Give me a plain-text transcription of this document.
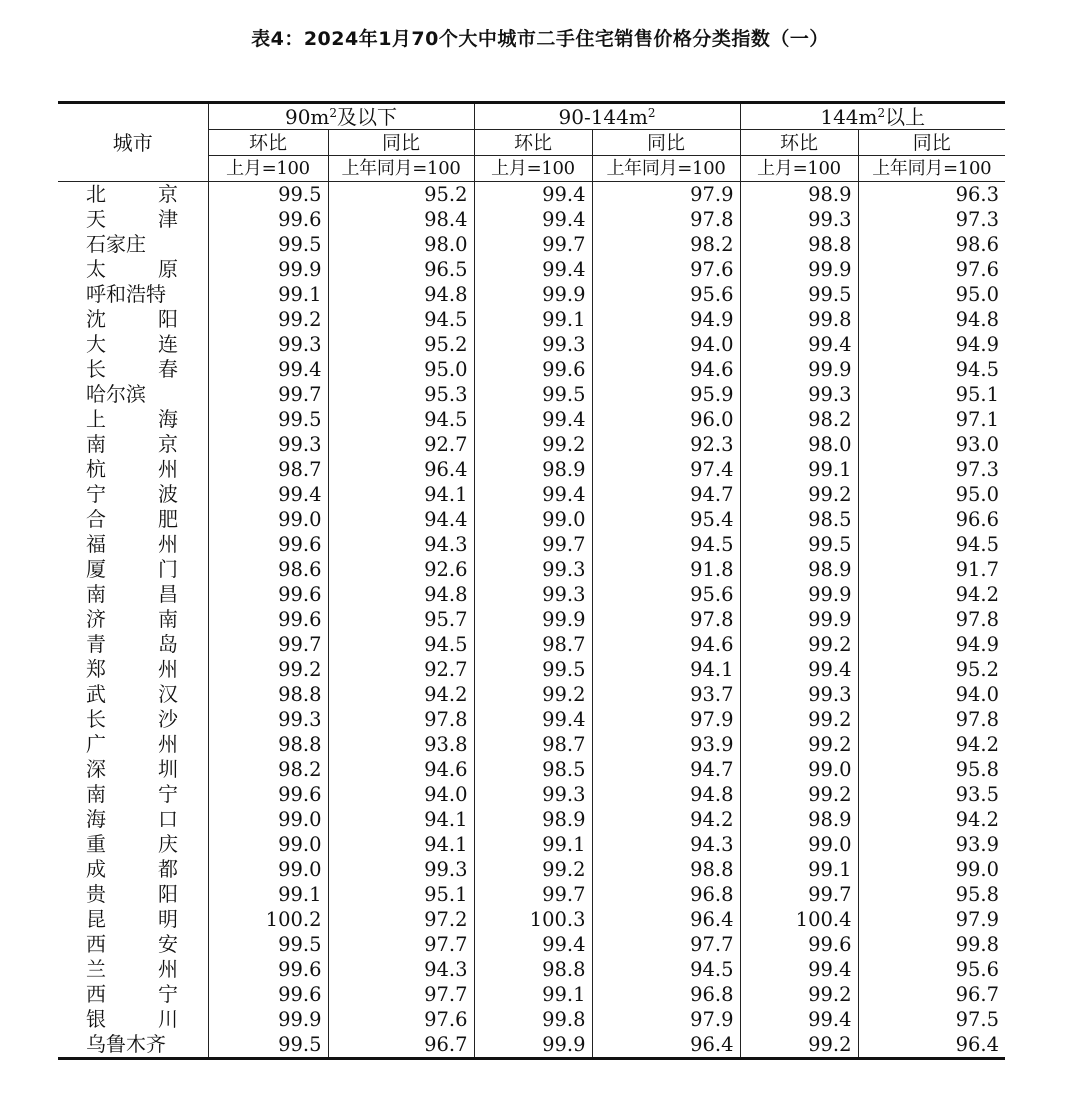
表4：2024年1月70个大中城市二手住宅销售价格分类指数（一）
城市	$90m^2$及以下		$90-144m^2$		$144m^2$以上	
	环比	同比	环比	同比	环比	同比
	上月=100	上年同月=100	上月=100	上年同月=100	上月=100	上年同月=100

北 京	99.5	95.2	99.4	97.9	98.9	96.3

天 津	99.6	98.4	99.4	97.8	99.3	97.3
石家庄	99.5	98.0	99.7	98.2	98.8	98.6

太 原	99.9	96.5	99.4	97.6	99.9	97.6
呼和浩特	99.1	94.8	99.9	95.6	99.5	95.0

沈 阳	99.2	94.5	99.1	94.9	99.8	94.8

大 连	99.3	95.2	99.3	94.0	99.4	94.9

长 春	99.4	95.0	99.6	94.6	99.9	94.5
哈尔滨	99.7	95.3	99.5	95.9	99.3	95.1

上 海	99.5	94.5	99.4	96.0	98.2	97.1

南 京	99.3	92.7	99.2	92.3	98.0	93.0

杭 州	98.7	96.4	98.9	97.4	99.1	97.3

宁 波	99.4	94.1	99.4	94.7	99.2	95.0

合 肥	99.0	94.4	99.0	95.4	98.5	96.6

福 州	99.6	94.3	99.7	94.5	99.5	94.5

厦 门	98.6	92.6	99.3	91.8	98.9	91.7

南 昌	99.6	94.8	99.3	95.6	99.9	94.2

济 南	99.6	95.7	99.9	97.8	99.9	97.8

青 岛	99.7	94.5	98.7	94.6	99.2	94.9

郑 州	99.2	92.7	99.5	94.1	99.4	95.2

武 汉	98.8	94.2	99.2	93.7	99.3	94.0

长 沙	99.3	97.8	99.4	97.9	99.2	97.8

广 州	98.8	93.8	98.7	93.9	99.2	94.2

深 圳	98.2	94.6	98.5	94.7	99.0	95.8

南 宁	99.6	94.0	99.3	94.8	99.2	93.5

海 口	99.0	94.1	98.9	94.2	98.9	94.2

重 庆	99.0	94.1	99.1	94.3	99.0	93.9

成 都	99.0	99.3	99.2	98.8	99.1	99.0

贵 阳	99.1	95.1	99.7	96.8	99.7	95.8

昆 明	100.2	97.2	100.3	96.4	100.4	97.9

西 安	99.5	97.7	99.4	97.7	99.6	99.8

兰 州	99.6	94.3	98.8	94.5	99.4	95.6

西 宁	99.6	97.7	99.1	96.8	99.2	96.7

银 川	99.9	97.6	99.8	97.9	99.4	97.5
乌鲁木齐	99.5	96.7	99.9	96.4	99.2	96.4
